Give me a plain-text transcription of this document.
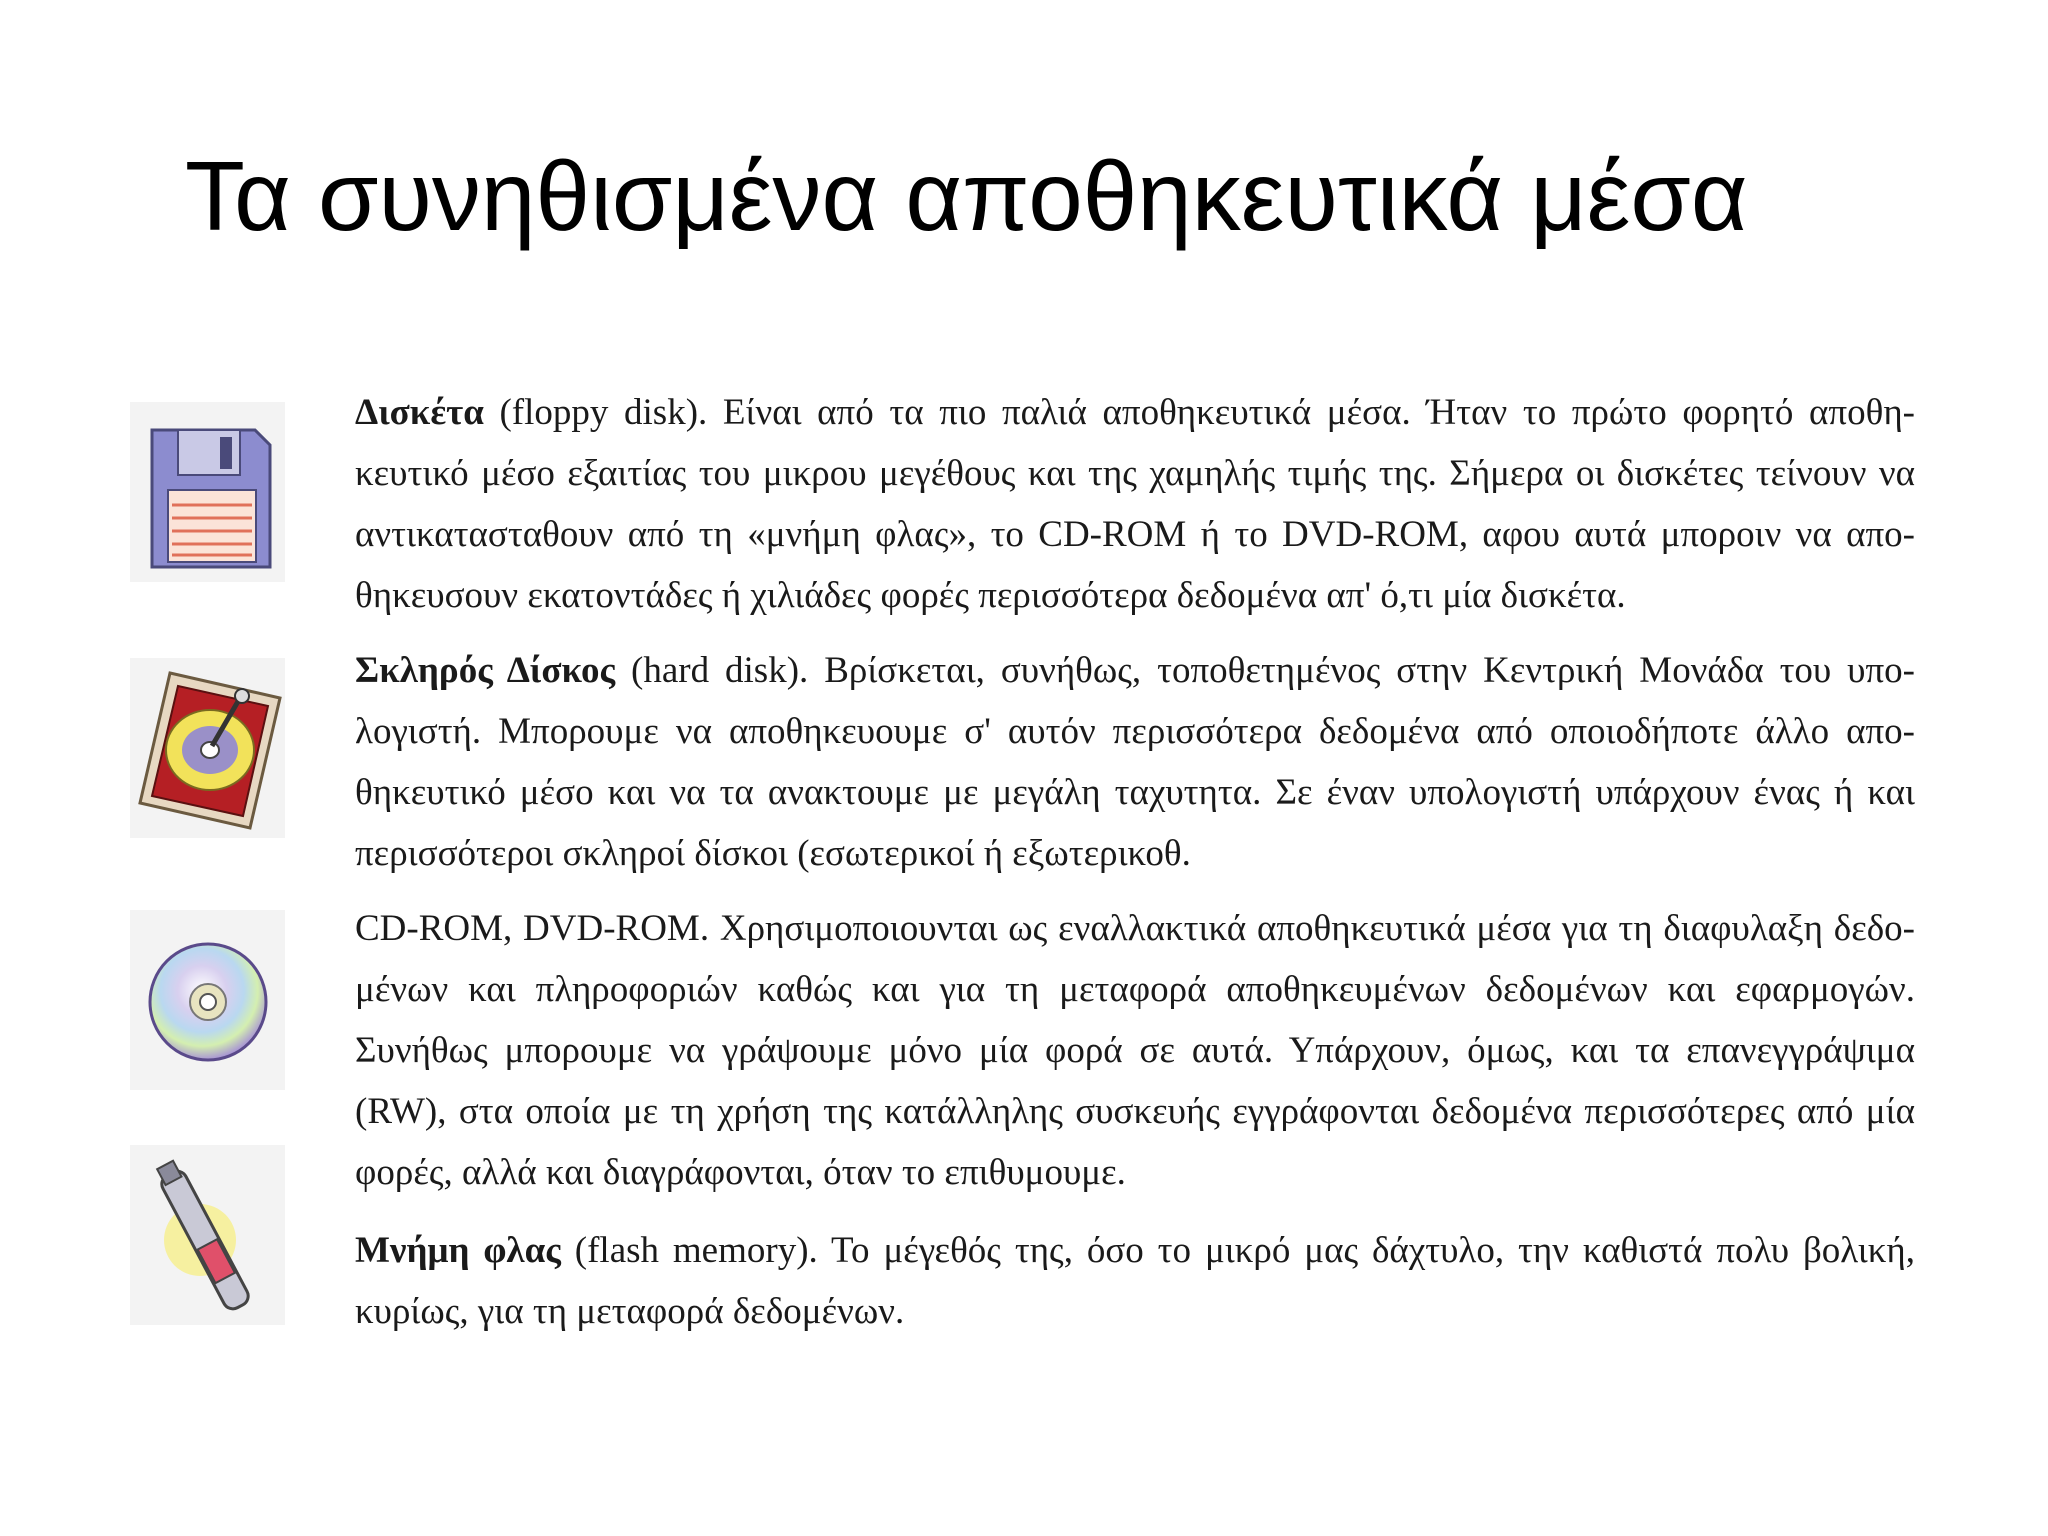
Τα συνηθισμένα αποθηκευτικά μέσα

Δισκέτα (floppy disk). Είναι από τα πιο παλιά αποθηκευτικά μέσα. Ήταν το πρώτο φορητό αποθη-κευτικό μέσο εξαιτίας του μικρου μεγέθους και της χαμηλής τιμής της. Σήμερα οι δισκέτες τείνουν να αντικατασταθουν από τη «μνήμη φλας», το CD-ROM ή το DVD-ROM, αφου αυτά μποροιν να απο-θηκευσουν εκατοντάδες ή χιλιάδες φορές περισσότερα δεδομένα απ' ό,τι μία δισκέτα.

Σκληρός Δίσκος (hard disk). Βρίσκεται, συνήθως, τοποθετημένος στην Κεντρική Μονάδα του υπο-λογιστή. Μπορουμε να αποθηκευουμε σ' αυτόν περισσότερα δεδομένα από οποιοδήποτε άλλο απο-θηκευτικό μέσο και να τα ανακτουμε με μεγάλη ταχυτητα. Σε έναν υπολογιστή υπάρχουν ένας ή και περισσότεροι σκληροί δίσκοι (εσωτερικοί ή εξωτερικοθ.

CD-ROM, DVD-ROM. Χρησιμοποιουνται ως εναλλακτικά αποθηκευτικά μέσα για τη διαφυλαξη δεδο-μένων και πληροφοριών καθώς και για τη μεταφορά αποθηκευμένων δεδομένων και εφαρμογών. Συνήθως μπορουμε να γράψουμε μόνο μία φορά σε αυτά. Υπάρχουν, όμως, και τα επανεγγράψιμα (RW), στα οποία με τη χρήση της κατάλληλης συσκευής εγγράφονται δεδομένα περισσότερες από μία φορές, αλλά και διαγράφονται, όταν το επιθυμουμε.

Μνήμη φλας (flash memory). Το μέγεθός της, όσο το μικρό μας δάχτυλο, την καθιστά πολυ βολική, κυρίως, για τη μεταφορά δεδομένων.
